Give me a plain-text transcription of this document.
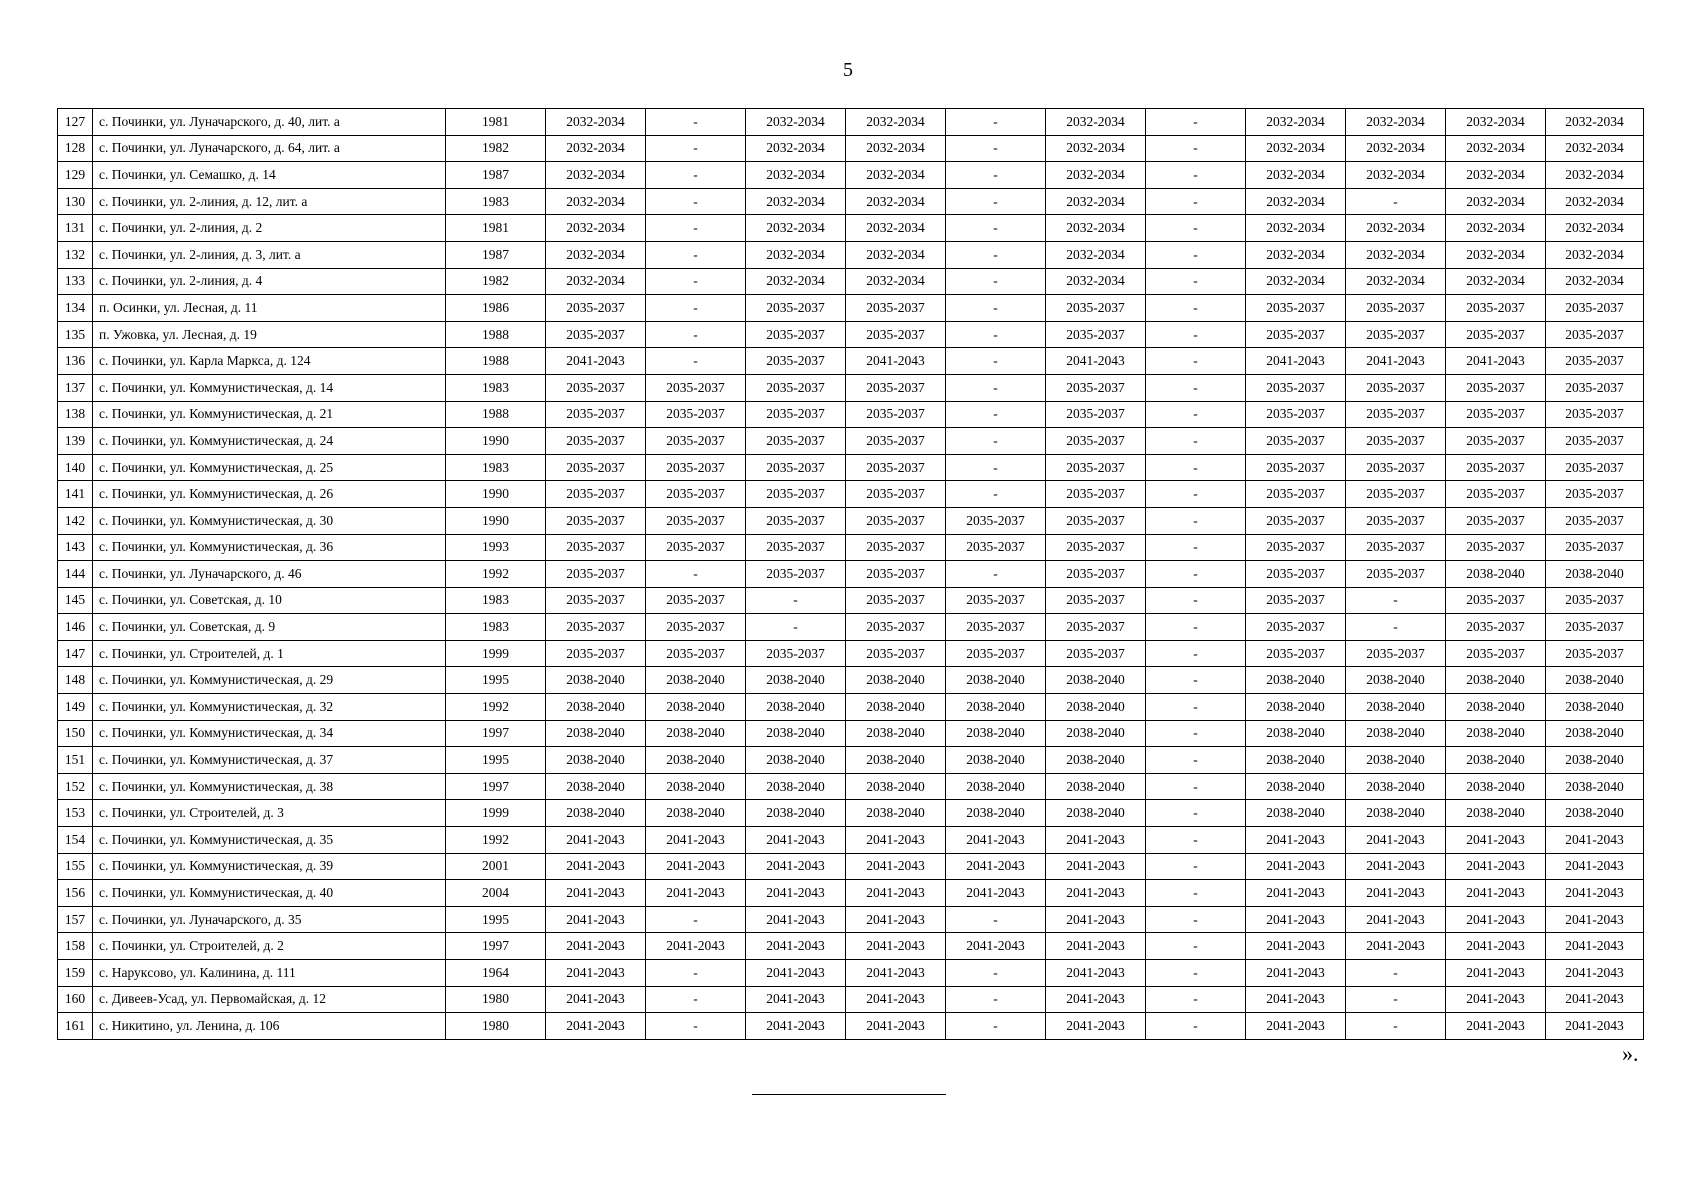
5
127	с. Починки, ул. Луначарского, д. 40, лит. а	1981	2032-2034	-	2032-2034	2032-2034	-	2032-2034	-	2032-2034	2032-2034	2032-2034	2032-2034
128	с. Починки, ул. Луначарского, д. 64, лит. а	1982	2032-2034	-	2032-2034	2032-2034	-	2032-2034	-	2032-2034	2032-2034	2032-2034	2032-2034
129	с. Починки, ул. Семашко, д. 14	1987	2032-2034	-	2032-2034	2032-2034	-	2032-2034	-	2032-2034	2032-2034	2032-2034	2032-2034
130	с. Починки, ул. 2-линия, д. 12, лит. а	1983	2032-2034	-	2032-2034	2032-2034	-	2032-2034	-	2032-2034	-	2032-2034	2032-2034
131	с. Починки, ул. 2-линия, д. 2	1981	2032-2034	-	2032-2034	2032-2034	-	2032-2034	-	2032-2034	2032-2034	2032-2034	2032-2034
132	с. Починки, ул. 2-линия, д. 3, лит. а	1987	2032-2034	-	2032-2034	2032-2034	-	2032-2034	-	2032-2034	2032-2034	2032-2034	2032-2034
133	с. Починки, ул. 2-линия, д. 4	1982	2032-2034	-	2032-2034	2032-2034	-	2032-2034	-	2032-2034	2032-2034	2032-2034	2032-2034
134	п. Осинки, ул. Лесная, д. 11	1986	2035-2037	-	2035-2037	2035-2037	-	2035-2037	-	2035-2037	2035-2037	2035-2037	2035-2037
135	п. Ужовка, ул. Лесная, д. 19	1988	2035-2037	-	2035-2037	2035-2037	-	2035-2037	-	2035-2037	2035-2037	2035-2037	2035-2037
136	с. Починки, ул. Карла Маркса, д. 124	1988	2041-2043	-	2035-2037	2041-2043	-	2041-2043	-	2041-2043	2041-2043	2041-2043	2035-2037
137	с. Починки, ул. Коммунистическая, д. 14	1983	2035-2037	2035-2037	2035-2037	2035-2037	-	2035-2037	-	2035-2037	2035-2037	2035-2037	2035-2037
138	с. Починки, ул. Коммунистическая, д. 21	1988	2035-2037	2035-2037	2035-2037	2035-2037	-	2035-2037	-	2035-2037	2035-2037	2035-2037	2035-2037
139	с. Починки, ул. Коммунистическая, д. 24	1990	2035-2037	2035-2037	2035-2037	2035-2037	-	2035-2037	-	2035-2037	2035-2037	2035-2037	2035-2037
140	с. Починки, ул. Коммунистическая, д. 25	1983	2035-2037	2035-2037	2035-2037	2035-2037	-	2035-2037	-	2035-2037	2035-2037	2035-2037	2035-2037
141	с. Починки, ул. Коммунистическая, д. 26	1990	2035-2037	2035-2037	2035-2037	2035-2037	-	2035-2037	-	2035-2037	2035-2037	2035-2037	2035-2037
142	с. Починки, ул. Коммунистическая, д. 30	1990	2035-2037	2035-2037	2035-2037	2035-2037	2035-2037	2035-2037	-	2035-2037	2035-2037	2035-2037	2035-2037
143	с. Починки, ул. Коммунистическая, д. 36	1993	2035-2037	2035-2037	2035-2037	2035-2037	2035-2037	2035-2037	-	2035-2037	2035-2037	2035-2037	2035-2037
144	с. Починки, ул. Луначарского, д. 46	1992	2035-2037	-	2035-2037	2035-2037	-	2035-2037	-	2035-2037	2035-2037	2038-2040	2038-2040
145	с. Починки, ул. Советская, д. 10	1983	2035-2037	2035-2037	-	2035-2037	2035-2037	2035-2037	-	2035-2037	-	2035-2037	2035-2037
146	с. Починки, ул. Советская, д. 9	1983	2035-2037	2035-2037	-	2035-2037	2035-2037	2035-2037	-	2035-2037	-	2035-2037	2035-2037
147	с. Починки, ул. Строителей, д. 1	1999	2035-2037	2035-2037	2035-2037	2035-2037	2035-2037	2035-2037	-	2035-2037	2035-2037	2035-2037	2035-2037
148	с. Починки, ул. Коммунистическая, д. 29	1995	2038-2040	2038-2040	2038-2040	2038-2040	2038-2040	2038-2040	-	2038-2040	2038-2040	2038-2040	2038-2040
149	с. Починки, ул. Коммунистическая, д. 32	1992	2038-2040	2038-2040	2038-2040	2038-2040	2038-2040	2038-2040	-	2038-2040	2038-2040	2038-2040	2038-2040
150	с. Починки, ул. Коммунистическая, д. 34	1997	2038-2040	2038-2040	2038-2040	2038-2040	2038-2040	2038-2040	-	2038-2040	2038-2040	2038-2040	2038-2040
151	с. Починки, ул. Коммунистическая, д. 37	1995	2038-2040	2038-2040	2038-2040	2038-2040	2038-2040	2038-2040	-	2038-2040	2038-2040	2038-2040	2038-2040
152	с. Починки, ул. Коммунистическая, д. 38	1997	2038-2040	2038-2040	2038-2040	2038-2040	2038-2040	2038-2040	-	2038-2040	2038-2040	2038-2040	2038-2040
153	с. Починки, ул. Строителей, д. 3	1999	2038-2040	2038-2040	2038-2040	2038-2040	2038-2040	2038-2040	-	2038-2040	2038-2040	2038-2040	2038-2040
154	с. Починки, ул. Коммунистическая, д. 35	1992	2041-2043	2041-2043	2041-2043	2041-2043	2041-2043	2041-2043	-	2041-2043	2041-2043	2041-2043	2041-2043
155	с. Починки, ул. Коммунистическая, д. 39	2001	2041-2043	2041-2043	2041-2043	2041-2043	2041-2043	2041-2043	-	2041-2043	2041-2043	2041-2043	2041-2043
156	с. Починки, ул. Коммунистическая, д. 40	2004	2041-2043	2041-2043	2041-2043	2041-2043	2041-2043	2041-2043	-	2041-2043	2041-2043	2041-2043	2041-2043
157	с. Починки, ул. Луначарского, д. 35	1995	2041-2043	-	2041-2043	2041-2043	-	2041-2043	-	2041-2043	2041-2043	2041-2043	2041-2043
158	с. Починки, ул. Строителей, д. 2	1997	2041-2043	2041-2043	2041-2043	2041-2043	2041-2043	2041-2043	-	2041-2043	2041-2043	2041-2043	2041-2043
159	с. Нарукcово, ул. Калинина, д. 111	1964	2041-2043	-	2041-2043	2041-2043	-	2041-2043	-	2041-2043	-	2041-2043	2041-2043
160	с. Дивеев-Усад, ул. Первомайская, д. 12	1980	2041-2043	-	2041-2043	2041-2043	-	2041-2043	-	2041-2043	-	2041-2043	2041-2043
161	с. Никитино, ул. Ленина, д. 106	1980	2041-2043	-	2041-2043	2041-2043	-	2041-2043	-	2041-2043	-	2041-2043	2041-2043
».
